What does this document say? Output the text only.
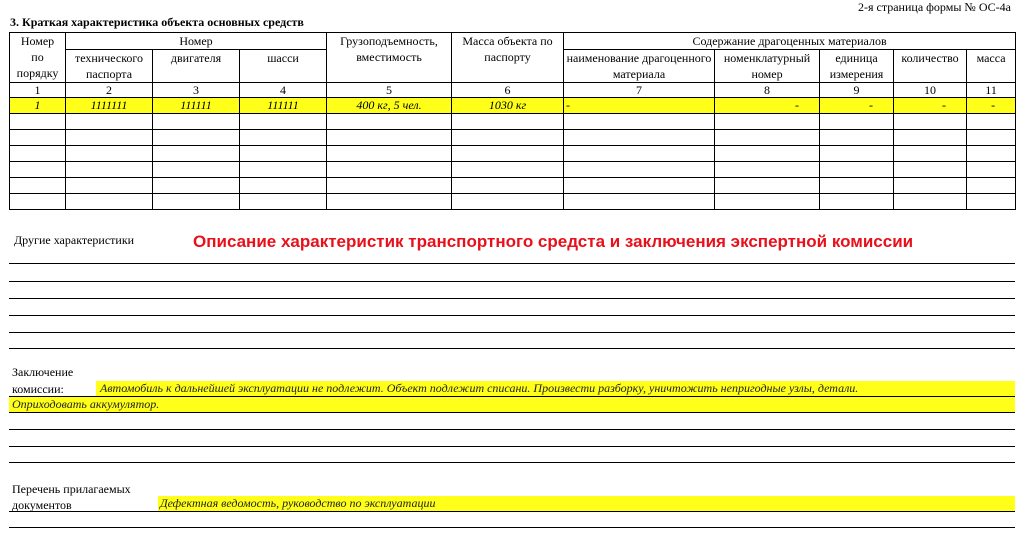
2-я страница формы № ОС-4а
3. Краткая характеристика объекта основных средств
Номер
по
порядку	Номер			Грузоподъемность, вместимость	Масса объекта по паспорту	Содержание драгоценных материалов				

	технического
паспорта	двигателя	шасси			наименование драгоценного материала	номенклатурный номер	единица измерения	количество	масса

1	2	3	4	5	6	7	8	9	10	11
1	1111111	111111	111111	400 кг, 5 чел.	1030 кг	-	-	-	-	-

Другие характеристики	Описание характеристик транспортного средста и заключения экспертной комиссии
Заключение
комиссии:	Автомобиль к дальнейшей эксплуатации не подлежит. Объект подлежит списани. Произвести разборку, уничтожить непригодные узлы, детали.
Оприходовать аккумулятор.
Перечень прилагаемых
документов	Дефектная ведомость, руководство по эксплуатации
